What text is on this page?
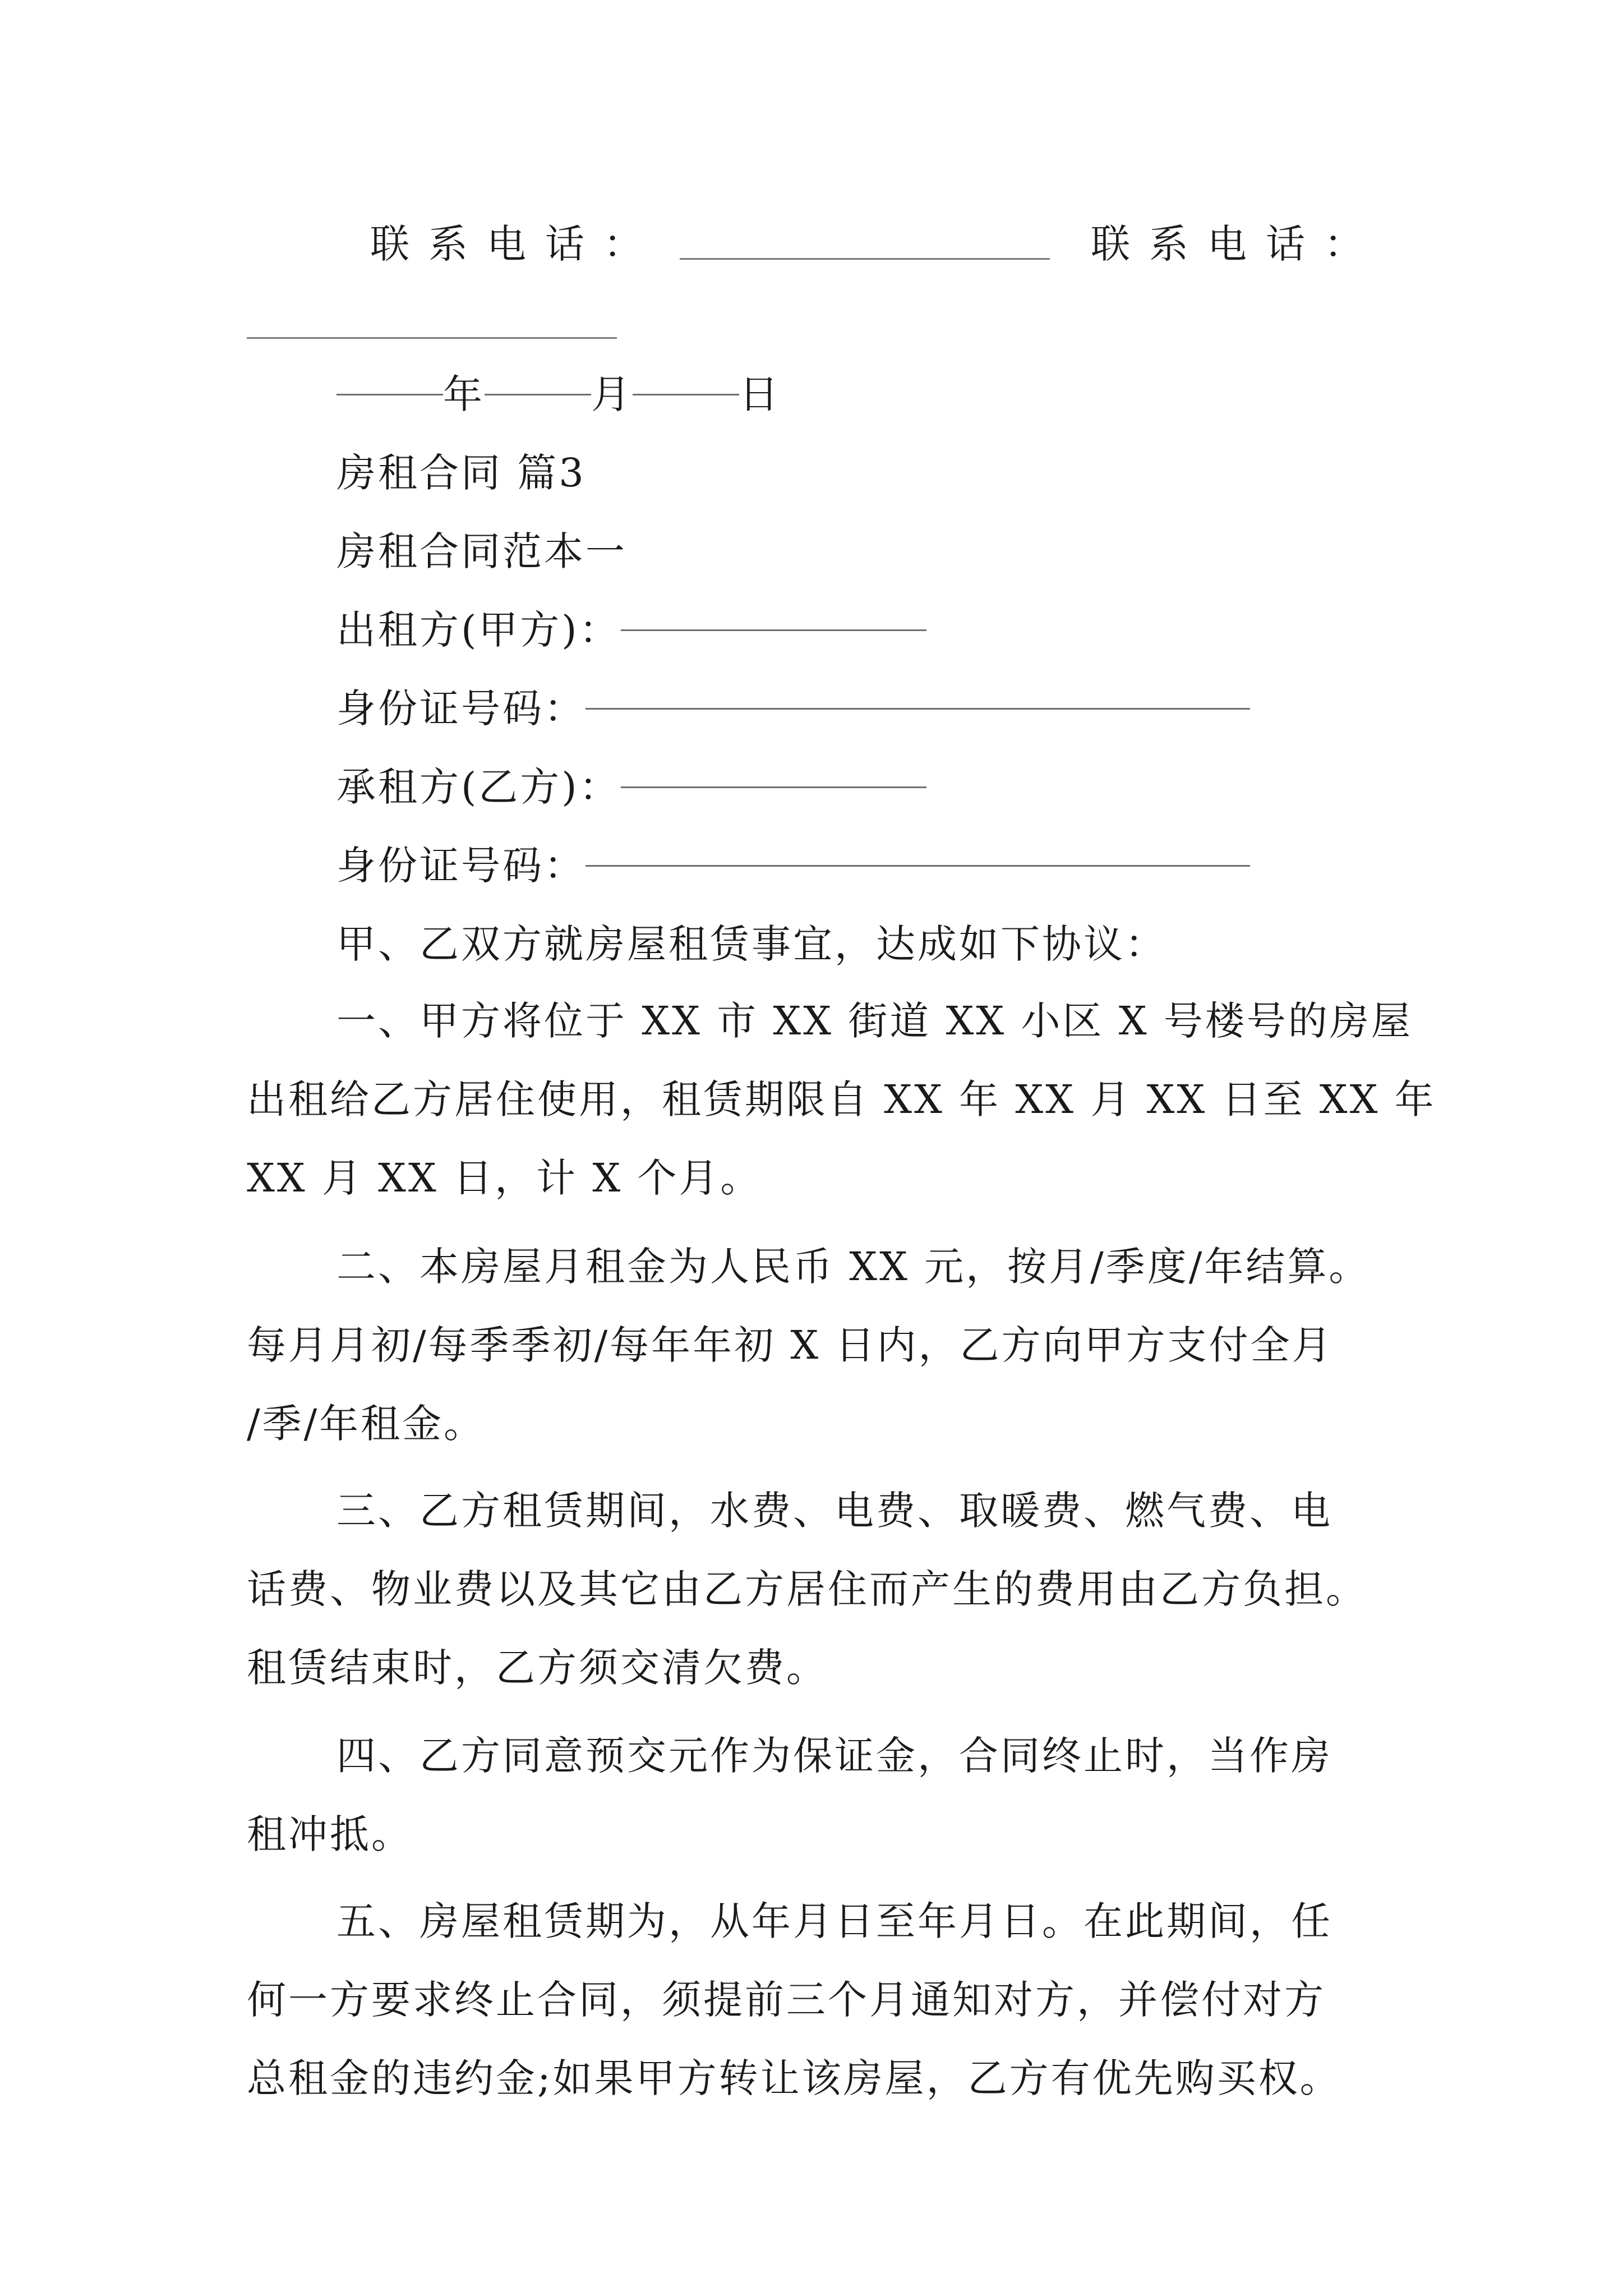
联系电话：	联系电话：
年	月	日
房租合同 篇3
房租合同范本一
出租方(甲方)：
身份证号码：
承租方(乙方)：
身份证号码：
甲、乙双方就房屋租赁事宜，达成如下协议：
一、甲方将位于 XX 市 XX 街道 XX 小区 X 号楼号的房屋
出租给乙方居住使用，租赁期限自 XX 年 XX 月 XX 日至 XX 年
XX 月 XX 日，计 X 个月。
二、本房屋月租金为人民币 XX 元，按月/季度/年结算。
每月月初/每季季初/每年年初 X 日内，乙方向甲方支付全月
/季/年租金。
三、乙方租赁期间，水费、电费、取暖费、燃气费、电
话费、物业费以及其它由乙方居住而产生的费用由乙方负担。
租赁结束时，乙方须交清欠费。
四、乙方同意预交元作为保证金，合同终止时，当作房
租冲抵。
五、房屋租赁期为，从年月日至年月日。在此期间，任
何一方要求终止合同，须提前三个月通知对方，并偿付对方
总租金的违约金;如果甲方转让该房屋，乙方有优先购买权。
